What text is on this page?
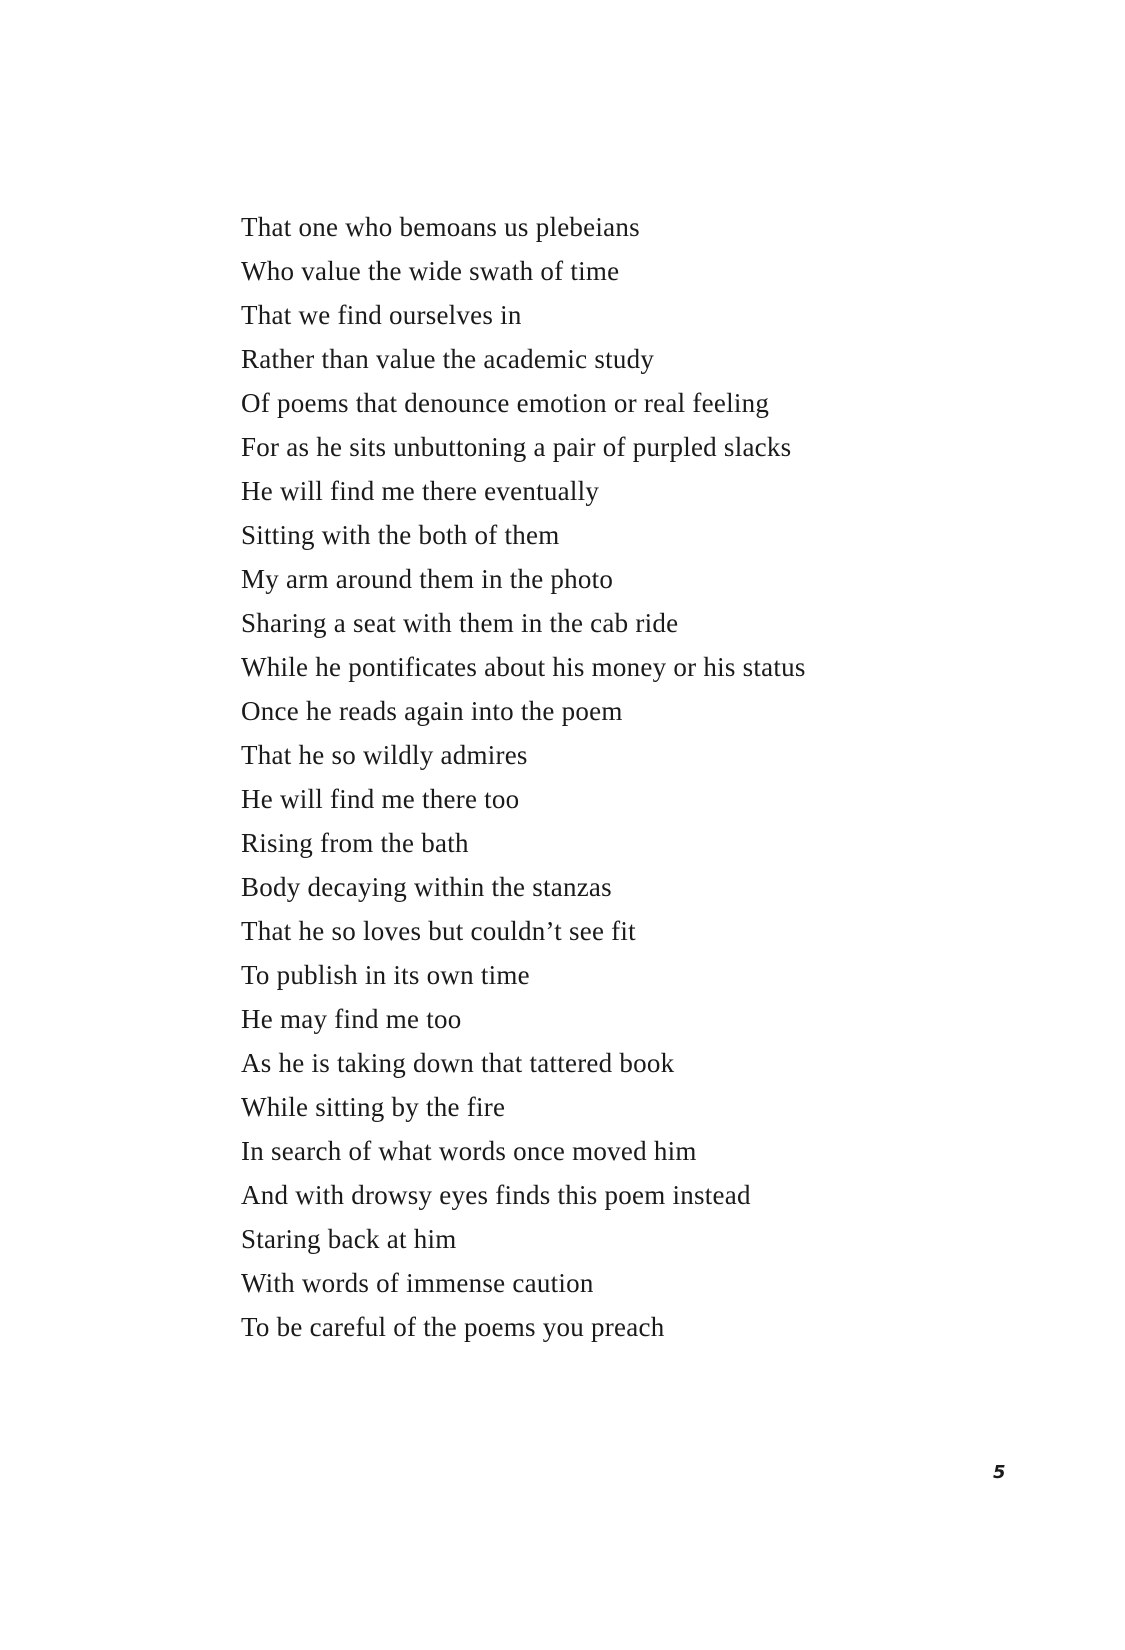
That one who bemoans us plebeians
Who value the wide swath of time
That we find ourselves in
Rather than value the academic study
Of poems that denounce emotion or real feeling
For as he sits unbuttoning a pair of purpled slacks
He will find me there eventually
Sitting with the both of them
My arm around them in the photo
Sharing a seat with them in the cab ride
While he pontificates about his money or his status
Once he reads again into the poem
That he so wildly admires
He will find me there too
Rising from the bath
Body decaying within the stanzas
That he so loves but couldn’t see fit
To publish in its own time
He may find me too
As he is taking down that tattered book
While sitting by the fire
In search of what words once moved him
And with drowsy eyes finds this poem instead
Staring back at him
With words of immense caution
To be careful of the poems you preach
5
